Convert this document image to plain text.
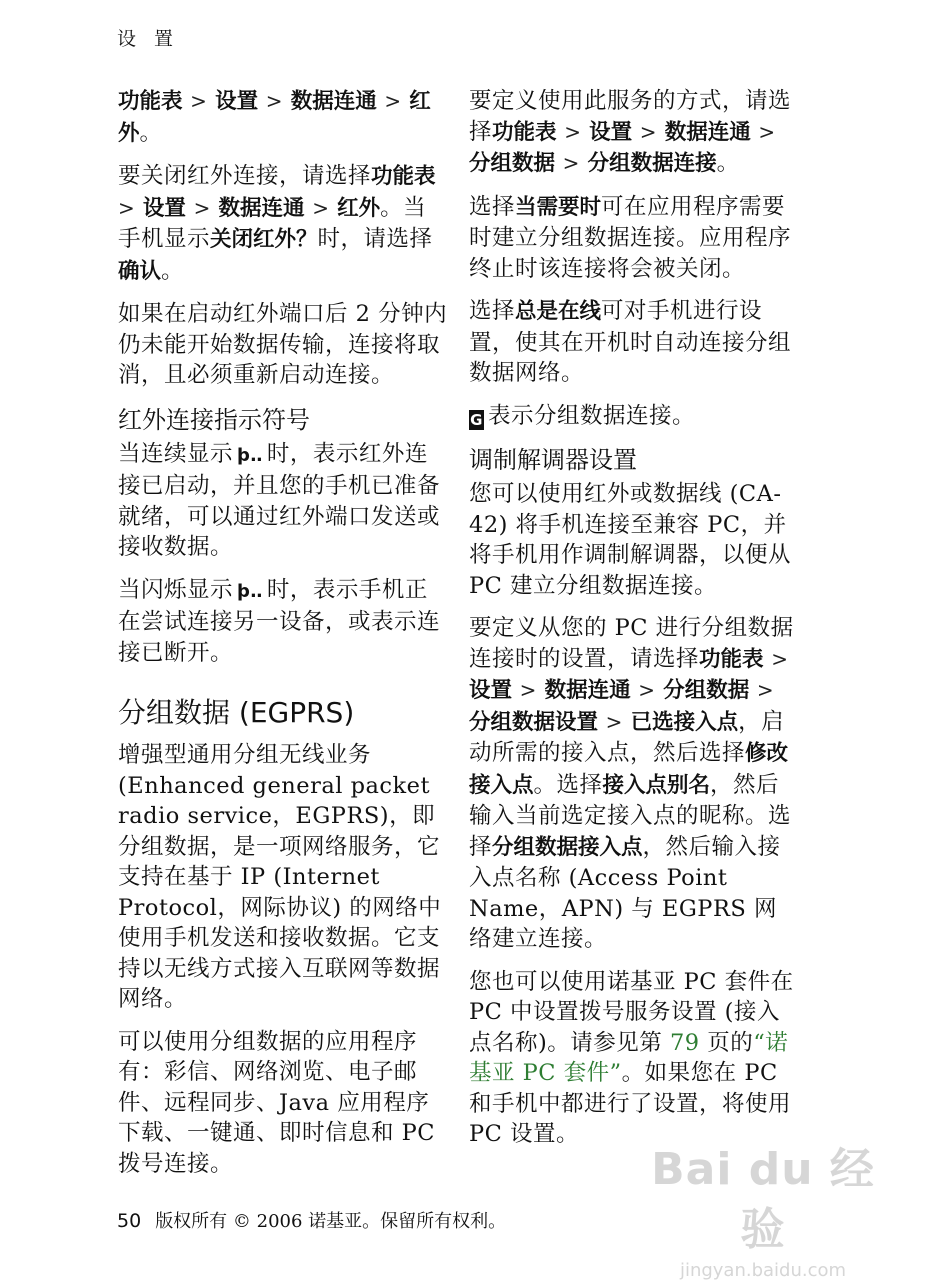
设 置

功能表 > 设置 > 数据连通 > 红外。

要关闭红外连接，请选择功能表 > 设置 > 数据连通 > 红外。当手机显示关闭红外？时，请选择确认。

如果在启动红外端口后 2 分钟内仍未能开始数据传输，连接将取消，且必须重新启动连接。

红外连接指示符号

当连续显示 ϸ‥ 时，表示红外连接已启动，并且您的手机已准备就绪，可以通过红外端口发送或接收数据。

当闪烁显示 ϸ‥ 时，表示手机正在尝试连接另一设备，或表示连接已断开。

分组数据 (EGPRS)

增强型通用分组无线业务 (Enhanced general packet radio service，EGPRS)，即分组数据，是一项网络服务，它支持在基于 IP (Internet Protocol，网际协议) 的网络中使用手机发送和接收数据。它支持以无线方式接入互联网等数据网络。

可以使用分组数据的应用程序有：彩信、网络浏览、电子邮件、远程同步、Java 应用程序下载、一键通、即时信息和 PC 拨号连接。

要定义使用此服务的方式，请选择功能表 > 设置 > 数据连通 > 分组数据 > 分组数据连接。

选择当需要时可在应用程序需要时建立分组数据连接。应用程序终止时该连接将会被关闭。

选择总是在线可对手机进行设置，使其在开机时自动连接分组数据网络。

G 表示分组数据连接。

调制解调器设置

您可以使用红外或数据线 (CA-42) 将手机连接至兼容 PC，并将手机用作调制解调器，以便从 PC 建立分组数据连接。

要定义从您的 PC 进行分组数据连接时的设置，请选择功能表 > 设置 > 数据连通 > 分组数据 > 分组数据设置 > 已选接入点，启动所需的接入点，然后选择修改接入点。选择接入点别名，然后输入当前选定接入点的昵称。选择分组数据接入点，然后输入接入点名称 (Access Point Name，APN) 与 EGPRS 网络建立连接。

您也可以使用诺基亚 PC 套件在 PC 中设置拨号服务设置 (接入点名称)。请参见第 79 页的“诺基亚 PC 套件”。如果您在 PC 和手机中都进行了设置，将使用 PC 设置。

50 版权所有 © 2006 诺基亚。保留所有权利。
Bai du 经验
jingyan.baidu.com
